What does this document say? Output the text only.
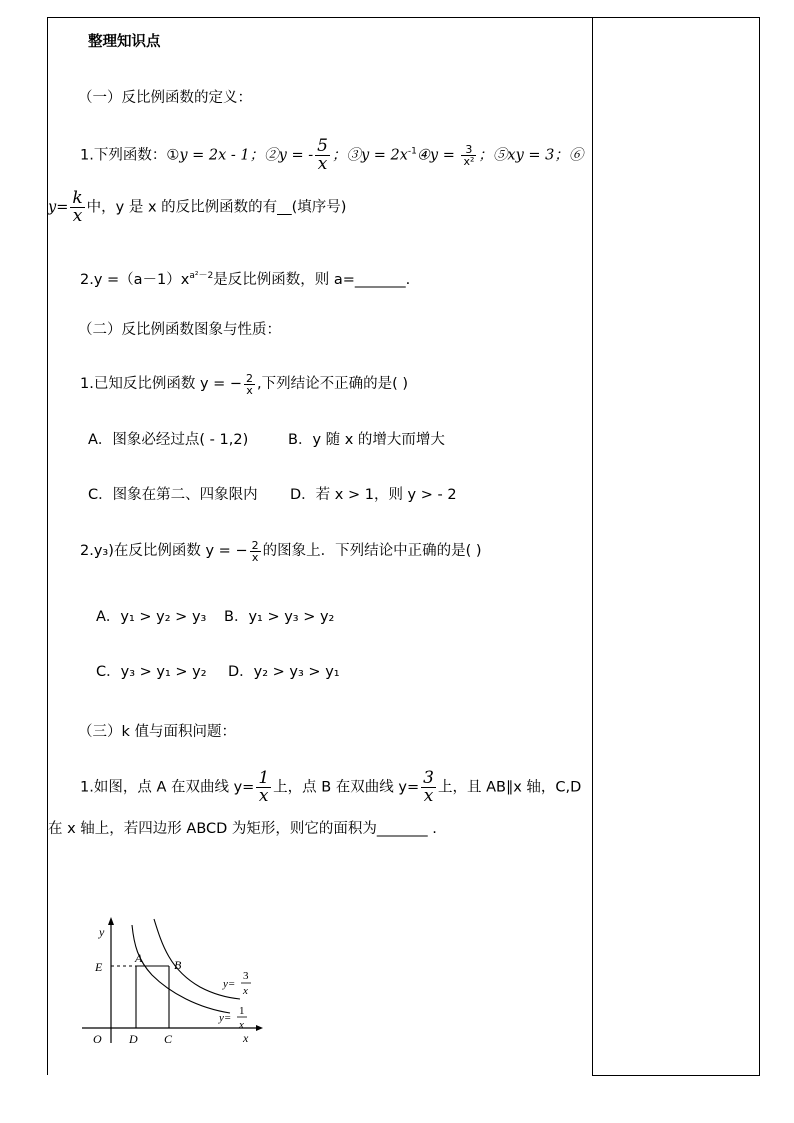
整理知识点
（一）反比例函数的定义：
1.下列函数：①y = 2x - 1；②y = - $\frac{5}{x}$ ；③y = $2x^{-1}④y = \frac{3}{\text{x²}}$ ；⑤xy = 3；⑥
$y= \frac{k}{x}$ 中，y 是 x 的反比例函数的有__(填序号)
$2.y =(a-1)x^{a^2-2}$是反比例函数，则 a=_______.
（二）反比例函数图象与性质：
1.已知反比例函数 y = − $\frac{2}{x}$ ,下列结论不正确的是( )
A．图象必经过点( - 1,2)	B．y 随 x 的增大而增大
C．图象在第二、四象限内 D．若 x > 1，则 y > - 2
2.y₃)在反比例函数 y = − $\frac{2}{x}$ 的图象上．下列结论中正确的是( )
A．y₁ > y₂ > y₃ B．y₁ > y₃ > y₂
C．y₃ > y₁ > y₂ D．y₂ > y₃ > y₁
（三）k 值与面积问题：
1.如图，点 A 在双曲线 $y= \frac{1}{x}$ 上，点 B 在双曲线 $y= \frac{3}{x}$ 上，且 AB∥x 轴，C,D
在 x 轴上，若四边形 ABCD 为矩形，则它的面积为_______ .
y
x
O
E
A	B
D C
y=
3
x
y=
1
x
